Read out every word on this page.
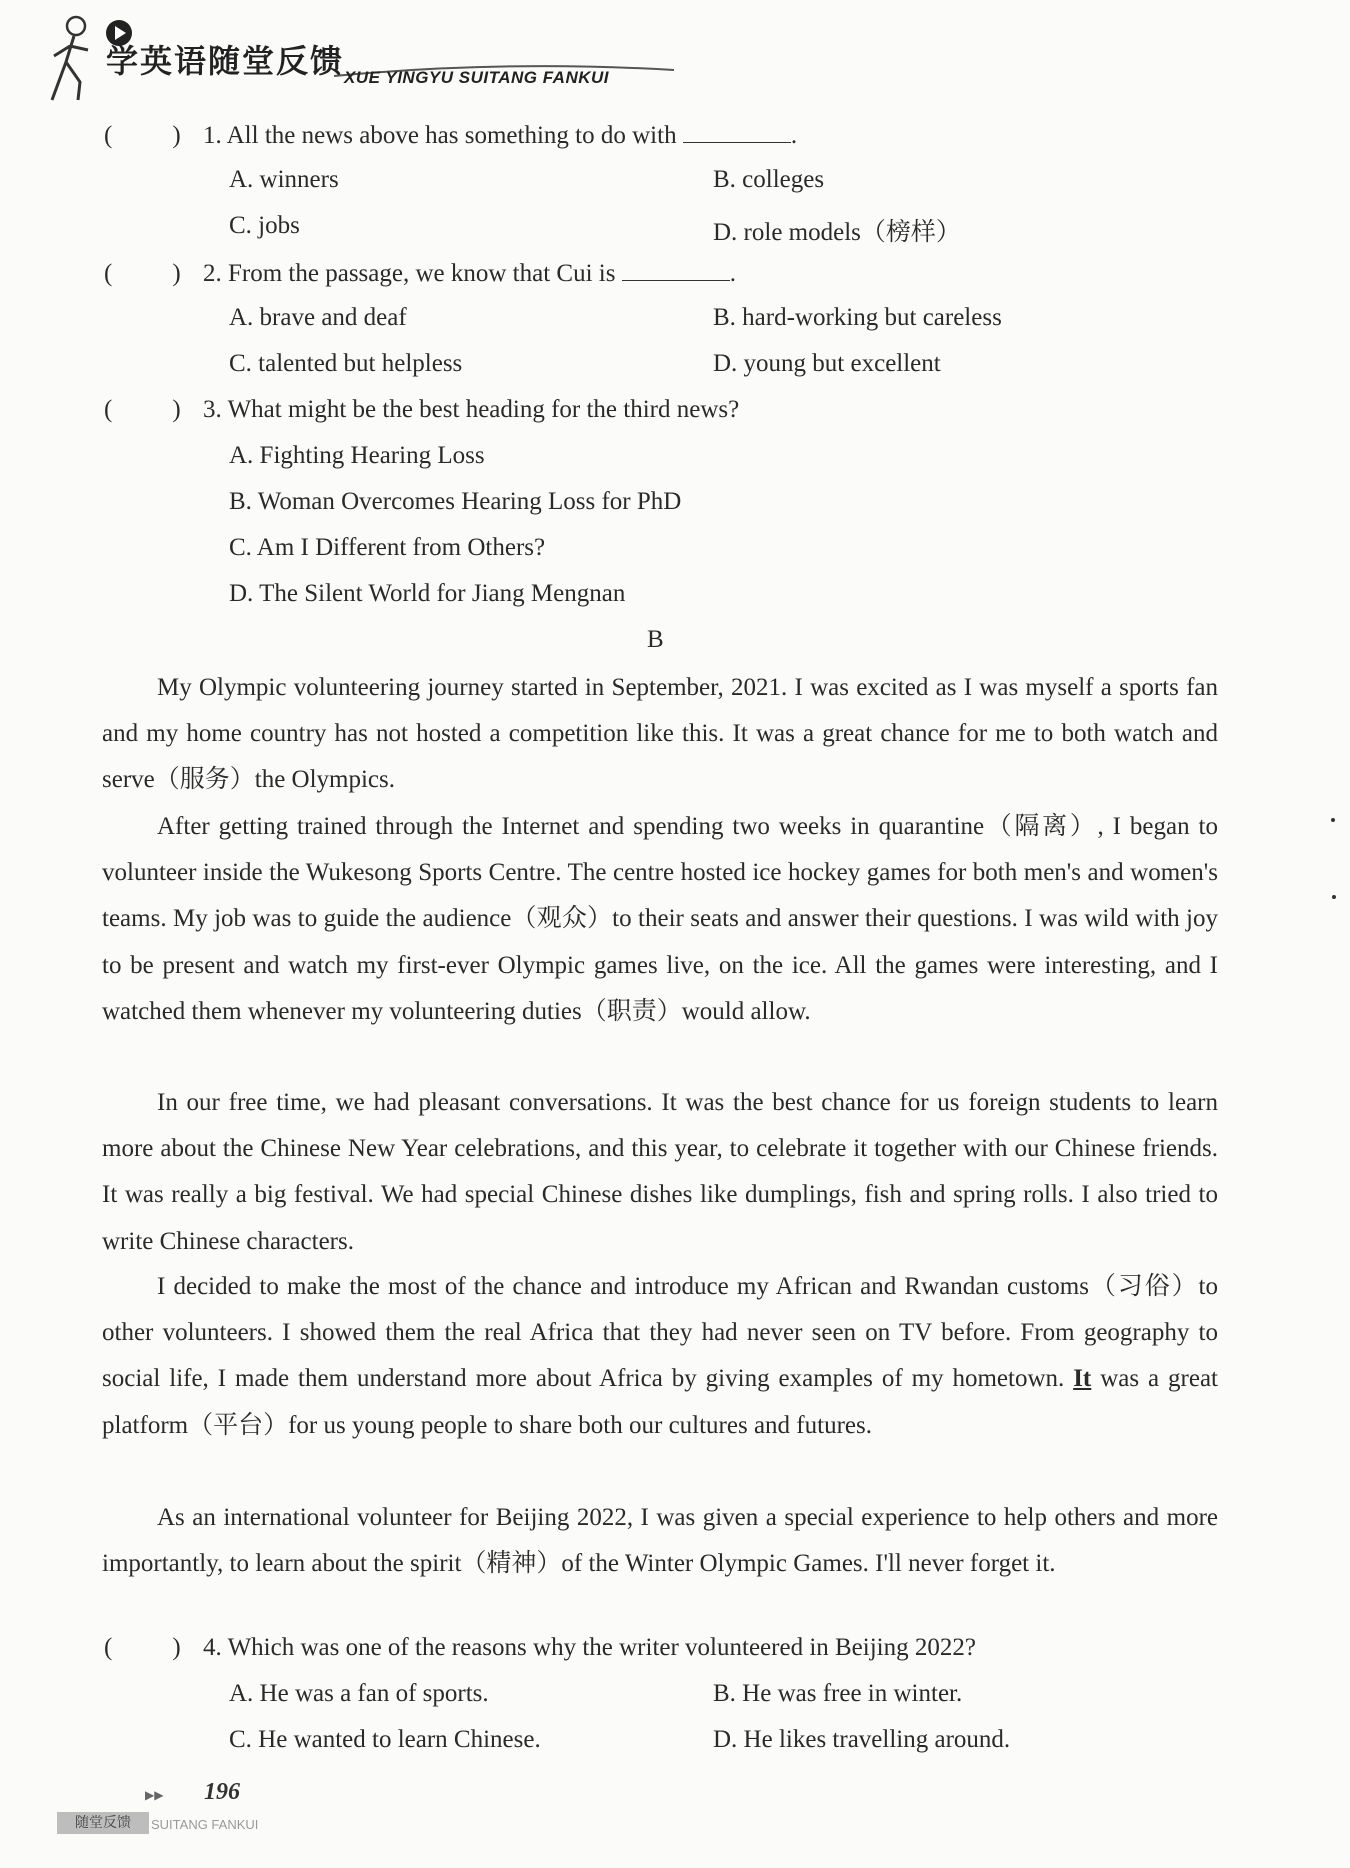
学英语随堂反馈 XUE YINGYU SUITANG FANKUI
( ) 1. All the news above has something to do with	.
A. winners	B. colleges
C. jobs	D. role models（榜样）
( ) 2. From the passage, we know that Cui is	.
A. brave and deaf	B. hard-working but careless
C. talented but helpless	D. young but excellent
( ) 3. What might be the best heading for the third news?
A. Fighting Hearing Loss
B. Woman Overcomes Hearing Loss for PhD
C. Am I Different from Others?
D. The Silent World for Jiang Mengnan
B

My Olympic volunteering journey started in September, 2021. I was excited as I was myself a sports fan and my home country has not hosted a competition like this. It was a great chance for me to both watch and serve（服务）the Olympics.

After getting trained through the Internet and spending two weeks in quarantine（隔离）, I began to volunteer inside the Wukesong Sports Centre. The centre hosted ice hockey games for both men's and women's teams. My job was to guide the audience（观众）to their seats and answer their questions. I was wild with joy to be present and watch my first-ever Olympic games live, on the ice. All the games were interesting, and I watched them whenever my volunteering duties（职责）would allow.

In our free time, we had pleasant conversations. It was the best chance for us foreign students to learn more about the Chinese New Year celebrations, and this year, to celebrate it together with our Chinese friends. It was really a big festival. We had special Chinese dishes like dumplings, fish and spring rolls. I also tried to write Chinese characters.

I decided to make the most of the chance and introduce my African and Rwandan customs（习俗）to other volunteers. I showed them the real Africa that they had never seen on TV before. From geography to social life, I made them understand more about Africa by giving examples of my hometown. It was a great platform（平台）for us young people to share both our cultures and futures.

As an international volunteer for Beijing 2022, I was given a special experience to help others and more importantly, to learn about the spirit（精神）of the Winter Olympic Games. I'll never forget it.

( ) 4. Which was one of the reasons why the writer volunteered in Beijing 2022?
A. He was a fan of sports.	B. He was free in winter.
C. He wanted to learn Chinese.	D. He likes travelling around.
▶▶ 196
随堂反馈	SUITANG FANKUI
